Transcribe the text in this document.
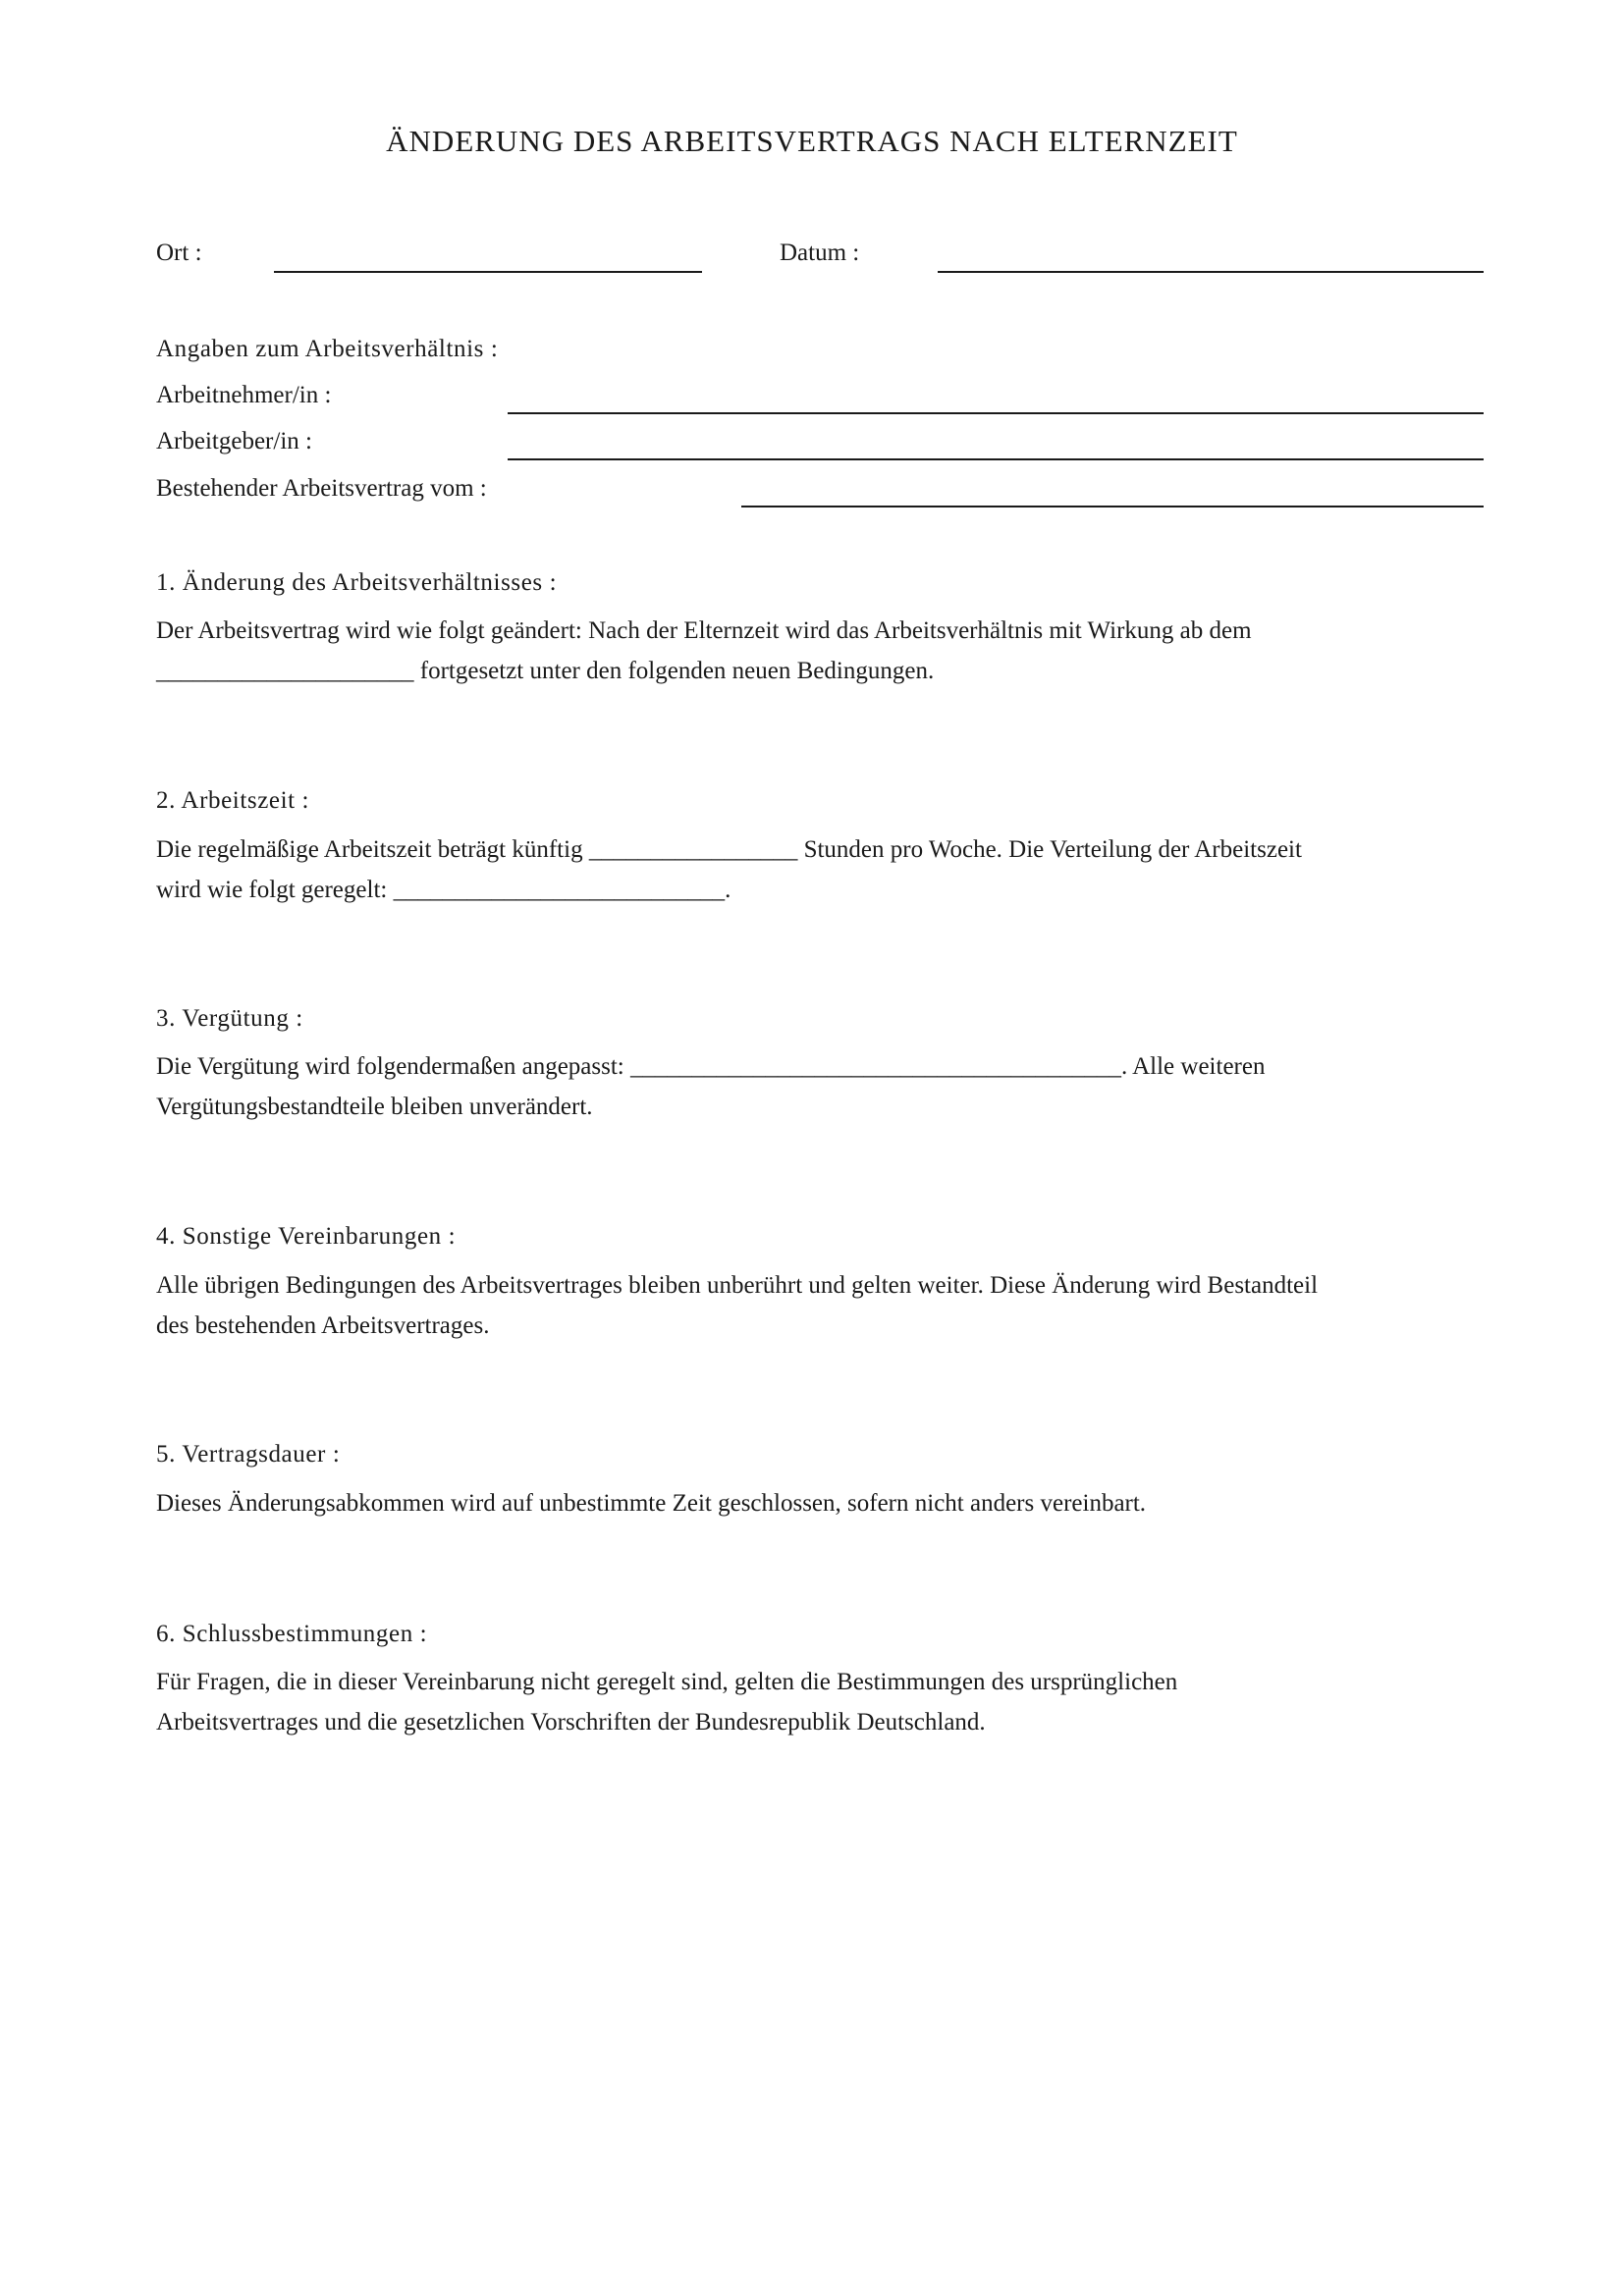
ÄNDERUNG DES ARBEITSVERTRAGS NACH ELTERNZEIT
Ort :	Datum :
Angaben zum Arbeitsverhältnis :
Arbeitnehmer/in :
Arbeitgeber/in :
Bestehender Arbeitsvertrag vom :
1. Änderung des Arbeitsverhältnisses :
Der Arbeitsvertrag wird wie folgt geändert: Nach der Elternzeit wird das Arbeitsverhältnis mit Wirkung ab dem
_____________________ fortgesetzt unter den folgenden neuen Bedingungen.
2. Arbeitszeit :
Die regelmäßige Arbeitszeit beträgt künftig _________________ Stunden pro Woche. Die Verteilung der Arbeitszeit
wird wie folgt geregelt: ___________________________.
3. Vergütung :
Die Vergütung wird folgendermaßen angepasst: ________________________________________. Alle weiteren
Vergütungsbestandteile bleiben unverändert.
4. Sonstige Vereinbarungen :
Alle übrigen Bedingungen des Arbeitsvertrages bleiben unberührt und gelten weiter. Diese Änderung wird Bestandteil
des bestehenden Arbeitsvertrages.
5. Vertragsdauer :
Dieses Änderungsabkommen wird auf unbestimmte Zeit geschlossen, sofern nicht anders vereinbart.
6. Schlussbestimmungen :
Für Fragen, die in dieser Vereinbarung nicht geregelt sind, gelten die Bestimmungen des ursprünglichen
Arbeitsvertrages und die gesetzlichen Vorschriften der Bundesrepublik Deutschland.
